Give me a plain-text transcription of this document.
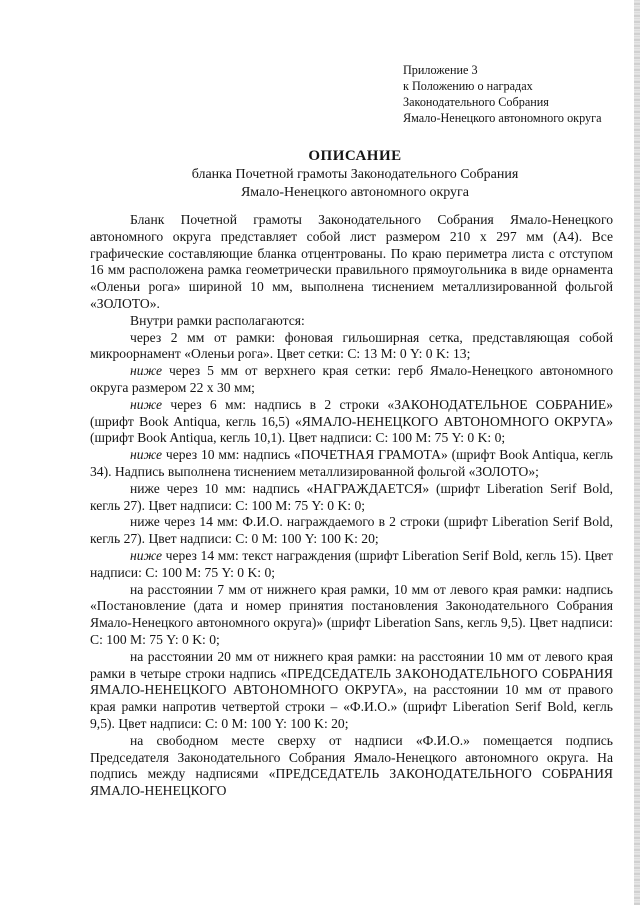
Приложение 3
к Положению о наградах
Законодательного Собрания
Ямало-Ненецкого автономного округа
ОПИСАНИЕ
бланка Почетной грамоты Законодательного Собрания
Ямало-Ненецкого автономного округа

Бланк Почетной грамоты Законодательного Собрания Ямало-Ненецкого автономного округа представляет собой лист размером 210 х 297 мм (А4). Все графические составляющие бланка отцентрованы. По краю периметра листа с отступом 16 мм расположена рамка геометрически правильного прямоугольника в виде орнамента «Оленьи рога» шириной 10 мм, выполнена тиснением металлизированной фольгой «ЗОЛОТО».

Внутри рамки располагаются:

через 2 мм от рамки: фоновая гильоширная сетка, представляющая собой микроорнамент «Оленьи рога». Цвет сетки: С: 13 М: 0 Y: 0 K: 13;

ниже через 5 мм от верхнего края сетки: герб Ямало-Ненецкого автономного округа размером 22 х 30 мм;

ниже через 6 мм: надпись в 2 строки «ЗАКОНОДАТЕЛЬНОЕ СОБРАНИЕ» (шрифт Book Antiqua, кегль 16,5) «ЯМАЛО-НЕНЕЦКОГО АВТОНОМНОГО ОКРУГА» (шрифт Book Antiqua, кегль 10,1). Цвет надписи: С: 100 М: 75 Y: 0 K: 0;

ниже через 10 мм: надпись «ПОЧЕТНАЯ ГРАМОТА» (шрифт Book Antiqua, кегль 34). Надпись выполнена тиснением металлизированной фольгой «ЗОЛОТО»;

ниже через 10 мм: надпись «НАГРАЖДАЕТСЯ» (шрифт Liberation Serif Bold, кегль 27). Цвет надписи: С: 100 М: 75 Y: 0 K: 0;

ниже через 14 мм: Ф.И.О. награждаемого в 2 строки (шрифт Liberation Serif Bold, кегль 27). Цвет надписи: С: 0 М: 100 Y: 100 K: 20;

ниже через 14 мм: текст награждения (шрифт Liberation Serif Bold, кегль 15). Цвет надписи: С: 100 М: 75 Y: 0 K: 0;

на расстоянии 7 мм от нижнего края рамки, 10 мм от левого края рамки: надпись «Постановление (дата и номер принятия постановления Законодательного Собрания Ямало-Ненецкого автономного округа)» (шрифт Liberation Sans, кегль 9,5). Цвет надписи: С: 100 М: 75 Y: 0 K: 0;

на расстоянии 20 мм от нижнего края рамки: на расстоянии 10 мм от левого края рамки в четыре строки надпись «ПРЕДСЕДАТЕЛЬ ЗАКОНОДАТЕЛЬНОГО СОБРАНИЯ ЯМАЛО-НЕНЕЦКОГО АВТОНОМНОГО ОКРУГА», на расстоянии 10 мм от правого края рамки напротив четвертой строки – «Ф.И.О.» (шрифт Liberation Serif Bold, кегль 9,5). Цвет надписи: С: 0 М: 100 Y: 100 K: 20;

на свободном месте сверху от надписи «Ф.И.О.» помещается подпись Председателя Законодательного Собрания Ямало-Ненецкого автономного округа. На подпись между надписями «ПРЕДСЕДАТЕЛЬ ЗАКОНОДАТЕЛЬНОГО СОБРАНИЯ ЯМАЛО-НЕНЕЦКОГО
